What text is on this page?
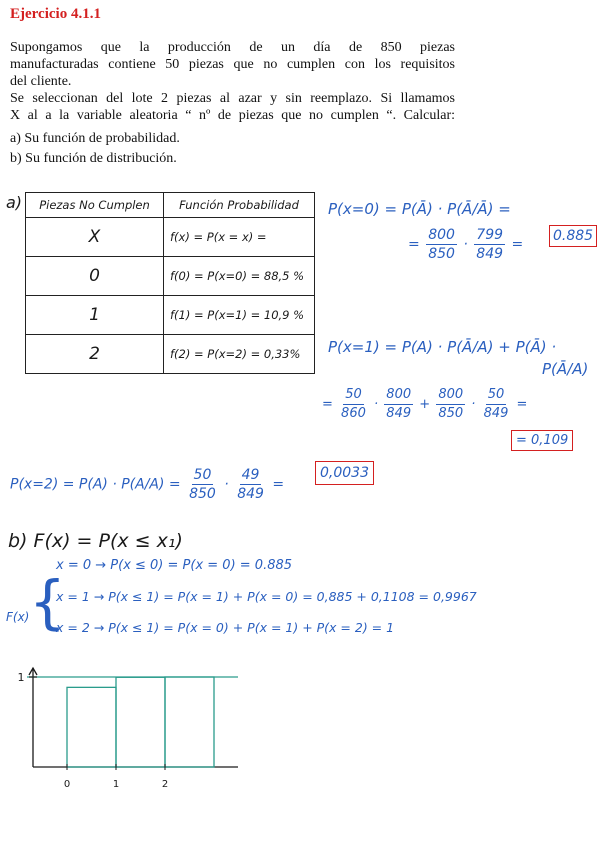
Ejercicio 4.1.1

Supongamos que la producción de un día de 850 piezas

manufacturadas contiene 50 piezas que no cumplen con los requisitos

del cliente.

Se seleccionan del lote 2 piezas al azar y sin reemplazo. Si llamamos

X al a la variable aleatoria “ nº de piezas que no cumplen “. Calcular:

a) Su función de probabilidad.

b) Su función de distribución.

a) Piezas No Cumplen	Función Probabilidad
X	f(x) = P(x = x) =
0	f(0) = P(x=0) = 88,5 %
1	f(1) = P(x=1) = 10,9 %
2	f(2) = P(x=2) = 0,33%
P(x=0) = P(Ā) · P(Ā/Ā) =
= $\frac{800}{850} \cdot \frac{799}{849}$ =
0.885
P(x=1) = P(A) · P(Ā/A) + P(Ā) ·
P(Ā/A)
= $\frac{50}{860} \cdot \frac{800}{849} + \frac{800}{850} \cdot \frac{50}{849}$ =
= 0,109
$P(x=2) = P(A) \cdot P(A/A) = \frac{50}{850} \cdot \frac{49}{849}$ =
0,0033
b) F(x) = P(x ≤ x₁)
F(x) {
x = 0 → P(x ≤ 0) = P(x = 0) = 0.885
x = 1 → P(x ≤ 1) = P(x = 1) + P(x = 0) = 0,885 + 0,1108 = 0,9967
x = 2 → P(x ≤ 1) = P(x = 0) + P(x = 1) + P(x = 2) = 1
1
0	1	2
